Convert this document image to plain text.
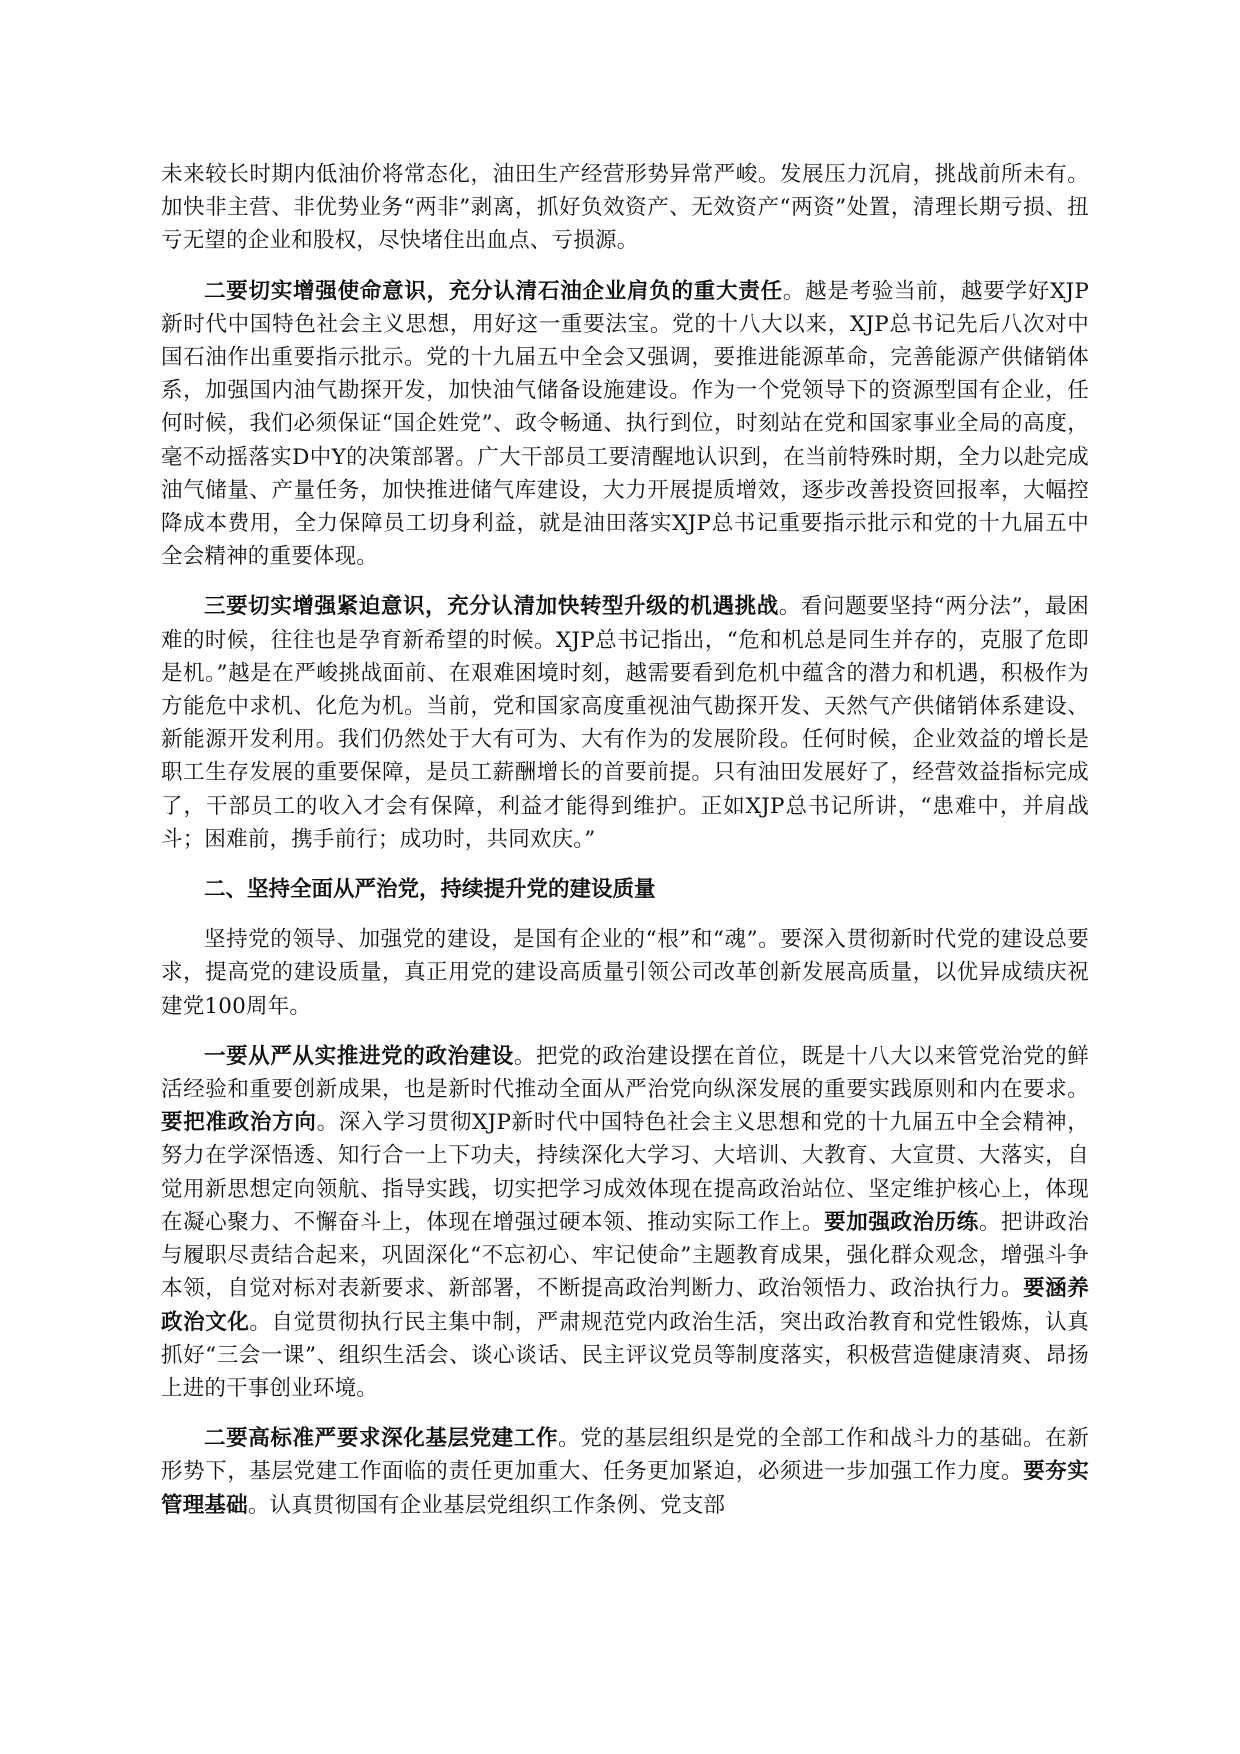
未来较长时期内低油价将常态化，油田生产经营形势异常严峻。发展压力沉肩，挑战前所未有。加快非主营、非优势业务“两非”剥离，抓好负效资产、无效资产“两资”处置，清理长期亏损、扭亏无望的企业和股权，尽快堵住出血点、亏损源。

二要切实增强使命意识，充分认清石油企业肩负的重大责任。越是考验当前，越要学好XJP新时代中国特色社会主义思想，用好这一重要法宝。党的十八大以来，XJP总书记先后八次对中国石油作出重要指示批示。党的十九届五中全会又强调，要推进能源革命，完善能源产供储销体系，加强国内油气勘探开发，加快油气储备设施建设。作为一个党领导下的资源型国有企业，任何时候，我们必须保证“国企姓党”、政令畅通、执行到位，时刻站在党和国家事业全局的高度，毫不动摇落实D中Y的决策部署。广大干部员工要清醒地认识到，在当前特殊时期，全力以赴完成油气储量、产量任务，加快推进储气库建设，大力开展提质增效，逐步改善投资回报率，大幅控降成本费用，全力保障员工切身利益，就是油田落实XJP总书记重要指示批示和党的十九届五中全会精神的重要体现。

三要切实增强紧迫意识，充分认清加快转型升级的机遇挑战。看问题要坚持“两分法”，最困难的时候，往往也是孕育新希望的时候。XJP总书记指出，“危和机总是同生并存的，克服了危即是机。”越是在严峻挑战面前、在艰难困境时刻，越需要看到危机中蕴含的潜力和机遇，积极作为方能危中求机、化危为机。当前，党和国家高度重视油气勘探开发、天然气产供储销体系建设、新能源开发利用。我们仍然处于大有可为、大有作为的发展阶段。任何时候，企业效益的增长是职工生存发展的重要保障，是员工薪酬增长的首要前提。只有油田发展好了，经营效益指标完成了，干部员工的收入才会有保障，利益才能得到维护。正如XJP总书记所讲，“患难中，并肩战斗；困难前，携手前行；成功时，共同欢庆。”

二、坚持全面从严治党，持续提升党的建设质量

坚持党的领导、加强党的建设，是国有企业的“根”和“魂”。要深入贯彻新时代党的建设总要求，提高党的建设质量，真正用党的建设高质量引领公司改革创新发展高质量，以优异成绩庆祝建党100周年。

一要从严从实推进党的政治建设。把党的政治建设摆在首位，既是十八大以来管党治党的鲜活经验和重要创新成果，也是新时代推动全面从严治党向纵深发展的重要实践原则和内在要求。要把准政治方向。深入学习贯彻XJP新时代中国特色社会主义思想和党的十九届五中全会精神，努力在学深悟透、知行合一上下功夫，持续深化大学习、大培训、大教育、大宣贯、大落实，自觉用新思想定向领航、指导实践，切实把学习成效体现在提高政治站位、坚定维护核心上，体现在凝心聚力、不懈奋斗上，体现在增强过硬本领、推动实际工作上。要加强政治历练。把讲政治与履职尽责结合起来，巩固深化“不忘初心、牢记使命”主题教育成果，强化群众观念，增强斗争本领，自觉对标对表新要求、新部署，不断提高政治判断力、政治领悟力、政治执行力。要涵养政治文化。自觉贯彻执行民主集中制，严肃规范党内政治生活，突出政治教育和党性锻炼，认真抓好“三会一课”、组织生活会、谈心谈话、民主评议党员等制度落实，积极营造健康清爽、昂扬上进的干事创业环境。

二要高标准严要求深化基层党建工作。党的基层组织是党的全部工作和战斗力的基础。在新形势下，基层党建工作面临的责任更加重大、任务更加紧迫，必须进一步加强工作力度。要夯实管理基础。认真贯彻国有企业基层党组织工作条例、党支部
